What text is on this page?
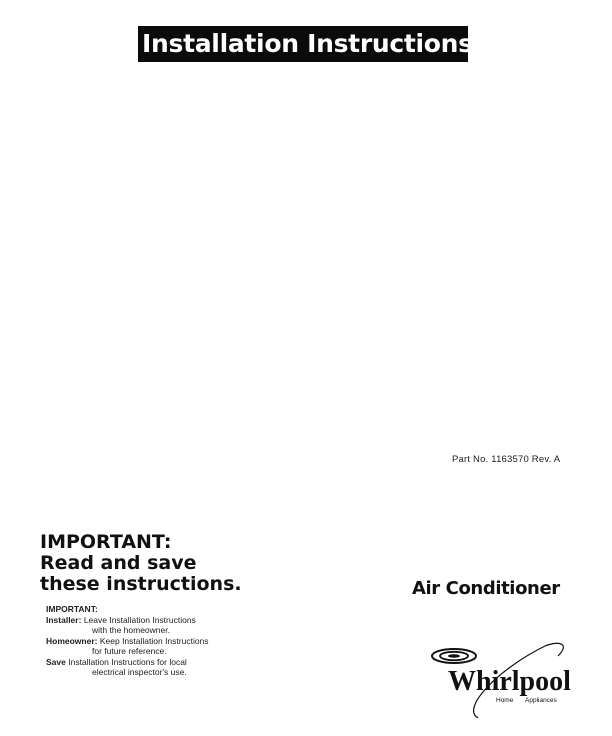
Installation Instructions
Part No. 1163570 Rev. A
IMPORTANT:
Read and save
these instructions.	Air Conditioner
IMPORTANT:
Installer: Leave Installation Instructions
with the homeowner.
Homeowner: Keep Installation Instructions
for future reference.
Save Installation Instructions for local
electrical inspector's use.	Whirlpool
Home Appliances
